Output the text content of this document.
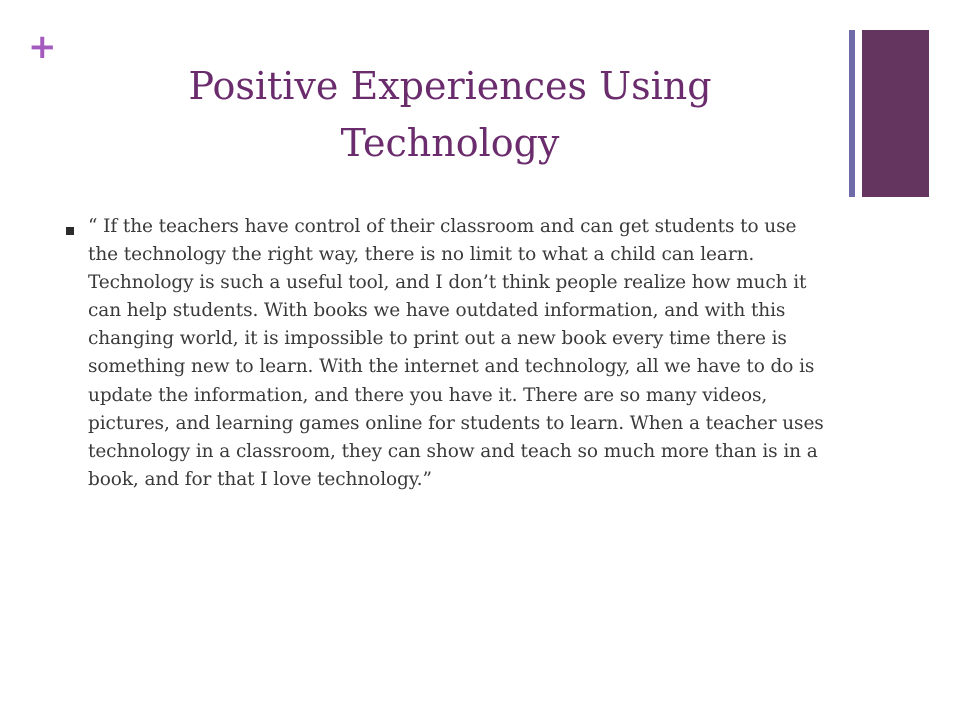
+
Positive Experiences Using Technology
“ If the teachers have control of their classroom and can get students to use the technology the right way, there is no limit to what a child can learn. Technology is such a useful tool, and I don’t think people realize how much it can help students. With books we have outdated information, and with this changing world, it is impossible to print out a new book every time there is something new to learn. With the internet and technology, all we have to do is update the information, and there you have it. There are so many videos, pictures, and learning games online for students to learn. When a teacher uses technology in a classroom, they can show and teach so much more than is in a book, and for that I love technology.”
